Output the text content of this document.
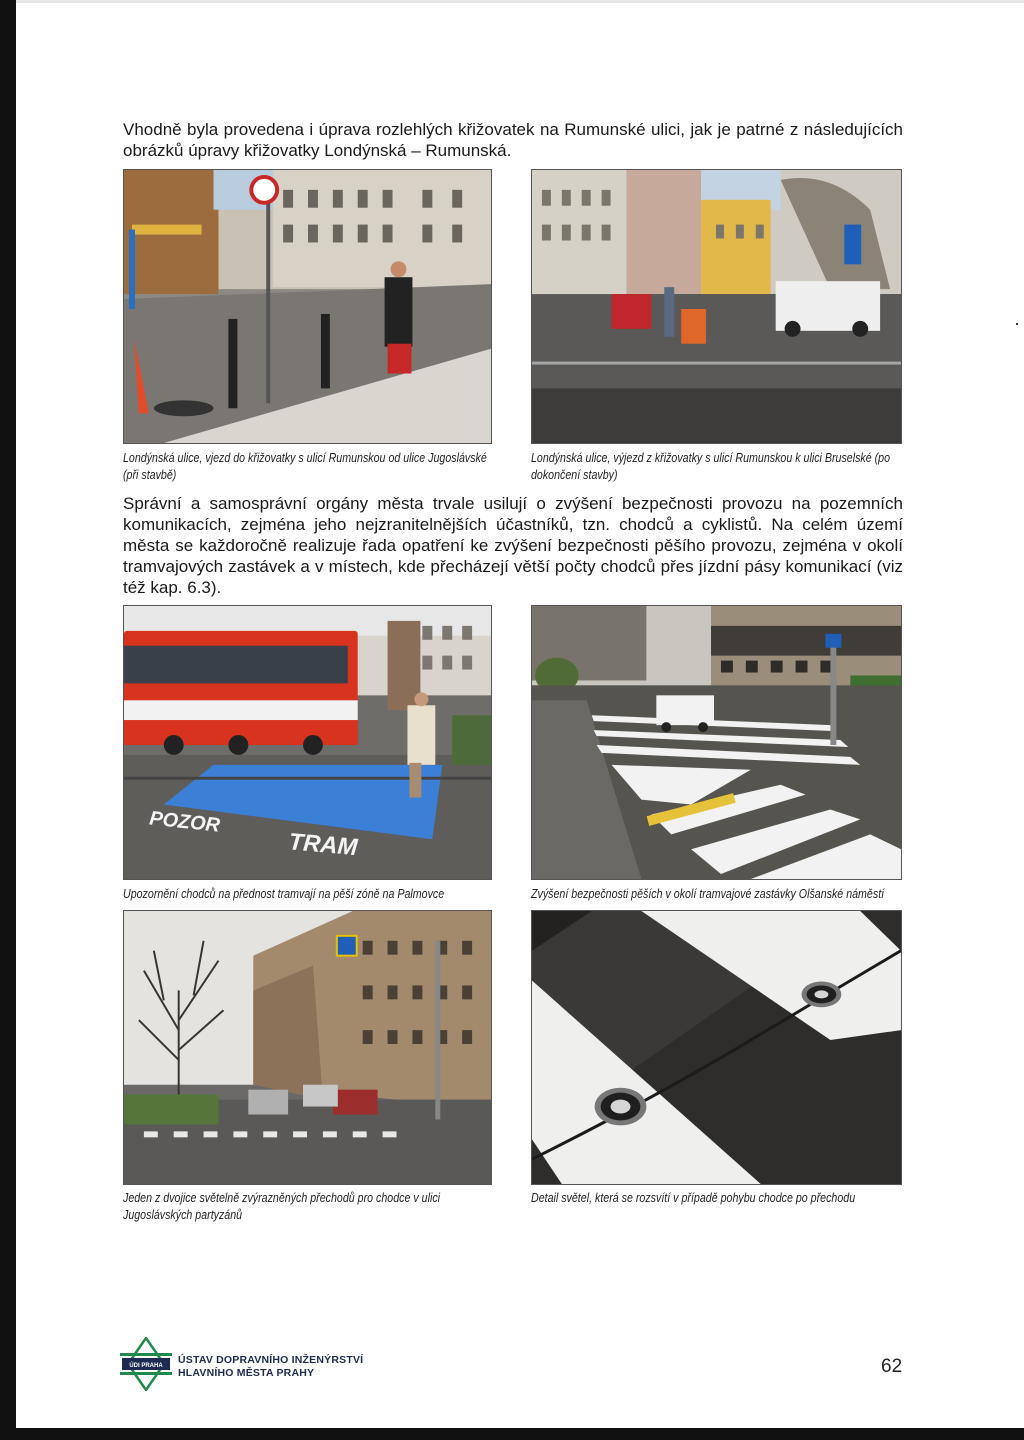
Vhodně byla provedena i úprava rozlehlých křižovatek na Rumunské ulici, jak je patrné z následujících obrázků úpravy křižovatky Londýnská – Rumunská.

Londýnská ulice, vjezd do křižovatky s ulicí Rumunskou od ulice Jugoslávské (při stavbě)
Londýnská ulice, výjezd z křižovatky s ulicí Rumunskou k ulici Bruselské (po dokončení stavby)

Správní a samosprávní orgány města trvale usilují o zvýšení bezpečnosti provozu na pozemních komunikacích, zejména jeho nejzranitelnějších účastníků, tzn. chodců a cyklistů. Na celém území města se každoročně realizuje řada opatření ke zvýšení bezpečnosti pěšího provozu, zejména v okolí tramvajových zastávek a v místech, kde přecházejí větší počty chodců přes jízdní pásy komunikací (viz též kap. 6.3).

POZOR
TRAM
Upozornění chodců na přednost tramvají na pěší zóně na Palmovce	Zvýšení bezpečnosti pěších v okolí tramvajové zastávky Olšanské náměstí
Jeden z dvojice světelně zvýrazněných přechodů pro chodce v ulici Jugoslávských partyzánů
Detail světel, která se rozsvítí v případě pohybu chodce po přechodu
ÚDI PRAHA ÚSTAV DOPRAVNÍHO INŽENÝRSTVÍ
HLAVNÍHO MĚSTA PRAHY	62
